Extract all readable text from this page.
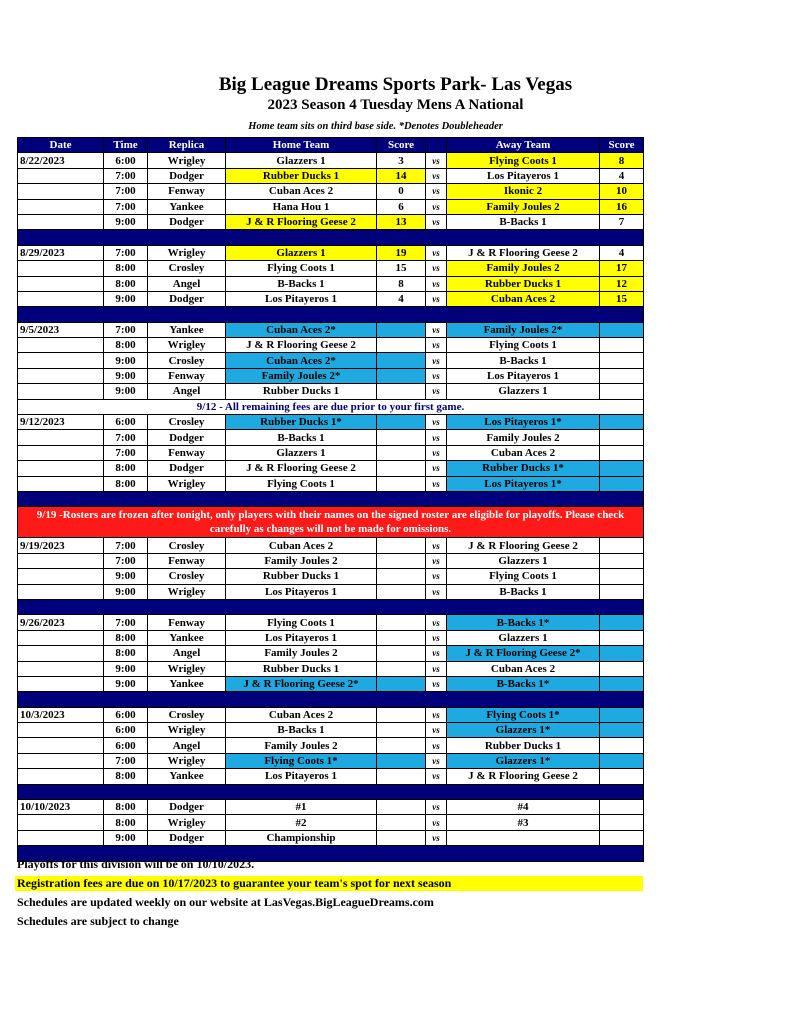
Big League Dreams Sports Park- Las Vegas
2023 Season 4 Tuesday Mens A National
Home team sits on third base side. *Denotes Doubleheader
Date	Time	Replica	Home Team	Score		Away Team	Score
8/22/2023	6:00	Wrigley	Glazzers 1	3	vs	Flying Coots 1	8
	7:00	Dodger	Rubber Ducks 1	14	vs	Los Pitayeros 1	4
	7:00	Fenway	Cuban Aces 2	0	vs	Ikonic 2	10
	7:00	Yankee	Hana Hou 1	6	vs	Family Joules 2	16
	9:00	Dodger	J & R Flooring Geese 2	13	vs	B-Backs 1	7

8/29/2023	7:00	Wrigley	Glazzers 1	19	vs	J & R Flooring Geese 2	4
	8:00	Crosley	Flying Coots 1	15	vs	Family Joules 2	17
	8:00	Angel	B-Backs 1	8	vs	Rubber Ducks 1	12
	9:00	Dodger	Los Pitayeros 1	4	vs	Cuban Aces 2	15

9/5/2023	7:00	Yankee	Cuban Aces 2*		vs	Family Joules 2*	
	8:00	Wrigley	J & R Flooring Geese 2		vs	Flying Coots 1	
	9:00	Crosley	Cuban Aces 2*		vs	B-Backs 1	
	9:00	Fenway	Family Joules 2*		vs	Los Pitayeros 1	
	9:00	Angel	Rubber Ducks 1		vs	Glazzers 1	
9/12 - All remaining fees are due prior to your first game.							
9/12/2023	6:00	Crosley	Rubber Ducks 1*		vs	Los Pitayeros 1*	
	7:00	Dodger	B-Backs 1		vs	Family Joules 2	
	7:00	Fenway	Glazzers 1		vs	Cuban Aces 2	
	8:00	Dodger	J & R Flooring Geese 2		vs	Rubber Ducks 1*	
	8:00	Wrigley	Flying Coots 1		vs	Los Pitayeros 1*	

9/19 -Rosters are frozen after tonight, only players with their names on the signed roster are eligible for playoffs. Please check carefully as changes will not be made for omissions.							
9/19/2023	7:00	Crosley	Cuban Aces 2		vs	J & R Flooring Geese 2	
	7:00	Fenway	Family Joules 2		vs	Glazzers 1	
	9:00	Crosley	Rubber Ducks 1		vs	Flying Coots 1	
	9:00	Wrigley	Los Pitayeros 1		vs	B-Backs 1	

9/26/2023	7:00	Fenway	Flying Coots 1		vs	B-Backs 1*	
	8:00	Yankee	Los Pitayeros 1		vs	Glazzers 1	
	8:00	Angel	Family Joules 2		vs	J & R Flooring Geese 2*	
	9:00	Wrigley	Rubber Ducks 1		vs	Cuban Aces 2	
	9:00	Yankee	J & R Flooring Geese 2*		vs	B-Backs 1*	

10/3/2023	6:00	Crosley	Cuban Aces 2		vs	Flying Coots 1*	
	6:00	Wrigley	B-Backs 1		vs	Glazzers 1*	
	6:00	Angel	Family Joules 2		vs	Rubber Ducks 1	
	7:00	Wrigley	Flying Coots 1*		vs	Glazzers 1*	
	8:00	Yankee	Los Pitayeros 1		vs	J & R Flooring Geese 2	

10/10/2023	8:00	Dodger	#1		vs	#4	
	8:00	Wrigley	#2		vs	#3	
	9:00	Dodger	Championship		vs		

Playoffs for this division will be on 10/10/2023.
Registration fees are due on 10/17/2023 to guarantee your team's spot for next season
Schedules are updated weekly on our website at LasVegas.BigLeagueDreams.com
Schedules are subject to change
